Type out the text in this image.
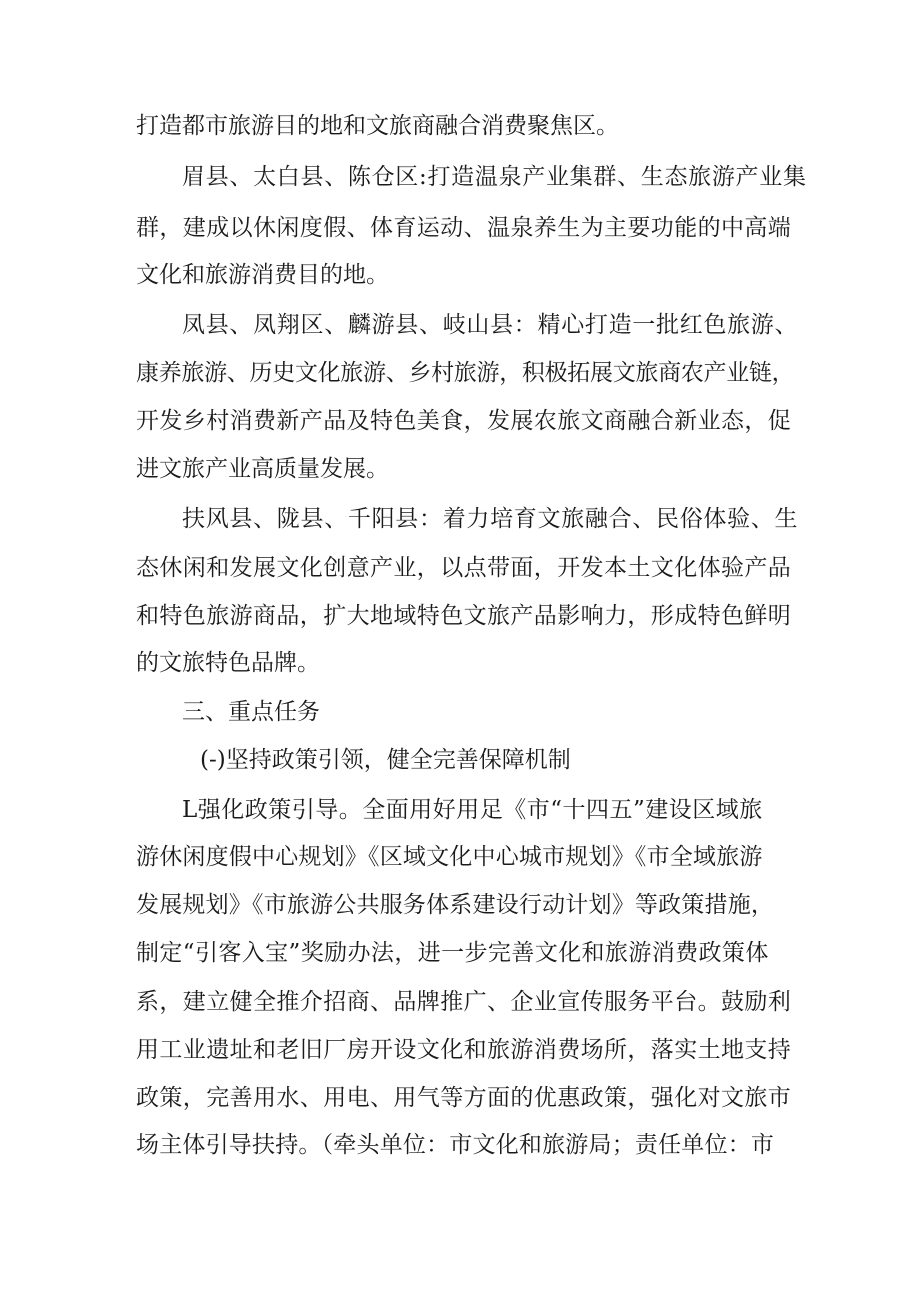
打造都市旅游目的地和文旅商融合消费聚焦区。

眉县、太白县、陈仓区:打造温泉产业集群、生态旅游产业集

群，建成以休闲度假、体育运动、温泉养生为主要功能的中高端

文化和旅游消费目的地。

凤县、凤翔区、麟游县、岐山县：精心打造一批红色旅游、

康养旅游、历史文化旅游、乡村旅游，积极拓展文旅商农产业链，

开发乡村消费新产品及特色美食，发展农旅文商融合新业态，促

进文旅产业高质量发展。

扶风县、陇县、千阳县：着力培育文旅融合、民俗体验、生

态休闲和发展文化创意产业，以点带面，开发本土文化体验产品

和特色旅游商品，扩大地域特色文旅产品影响力，形成特色鲜明

的文旅特色品牌。

三、重点任务

(-)坚持政策引领，健全完善保障机制

L强化政策引导。全面用好用足《市“十四五”建设区域旅

游休闲度假中心规划》《区域文化中心城市规划》《市全域旅游

发展规划》《市旅游公共服务体系建设行动计划》等政策措施，

制定“引客入宝”奖励办法，进一步完善文化和旅游消费政策体

系，建立健全推介招商、品牌推广、企业宣传服务平台。鼓励利

用工业遗址和老旧厂房开设文化和旅游消费场所，落实土地支持

政策，完善用水、用电、用气等方面的优惠政策，强化对文旅市

场主体引导扶持。（牵头单位：市文化和旅游局；责任单位：市
